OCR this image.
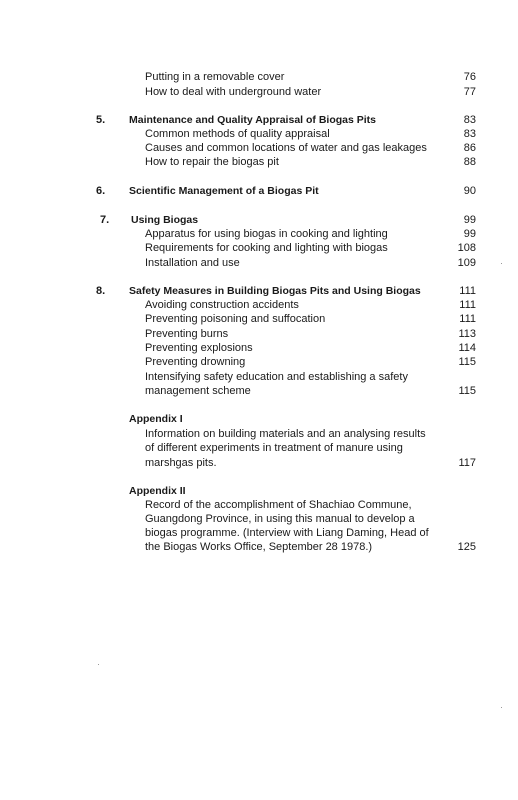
Putting in a removable cover	76
How to deal with underground water	77
5. Maintenance and Quality Appraisal of Biogas Pits	83
Common methods of quality appraisal	83
Causes and common locations of water and gas leakages	86
How to repair the biogas pit	88
6. Scientific Management of a Biogas Pit	90
7. Using Biogas	99
Apparatus for using biogas in cooking and lighting	99
Requirements for cooking and lighting with biogas	108
Installation and use	109
8. Safety Measures in Building Biogas Pits and Using Biogas	111
Avoiding construction accidents	111
Preventing poisoning and suffocation	111
Preventing burns	113
Preventing explosions	114
Preventing drowning	115
Intensifying safety education and establishing a safety
management scheme	115
Appendix I
Information on building materials and an analysing results
of different experiments in treatment of manure using
marshgas pits.	117
Appendix II
Record of the accomplishment of Shachiao Commune,
Guangdong Province, in using this manual to develop a
biogas programme. (Interview with Liang Daming, Head of
the Biogas Works Office, September 28 1978.)	125
